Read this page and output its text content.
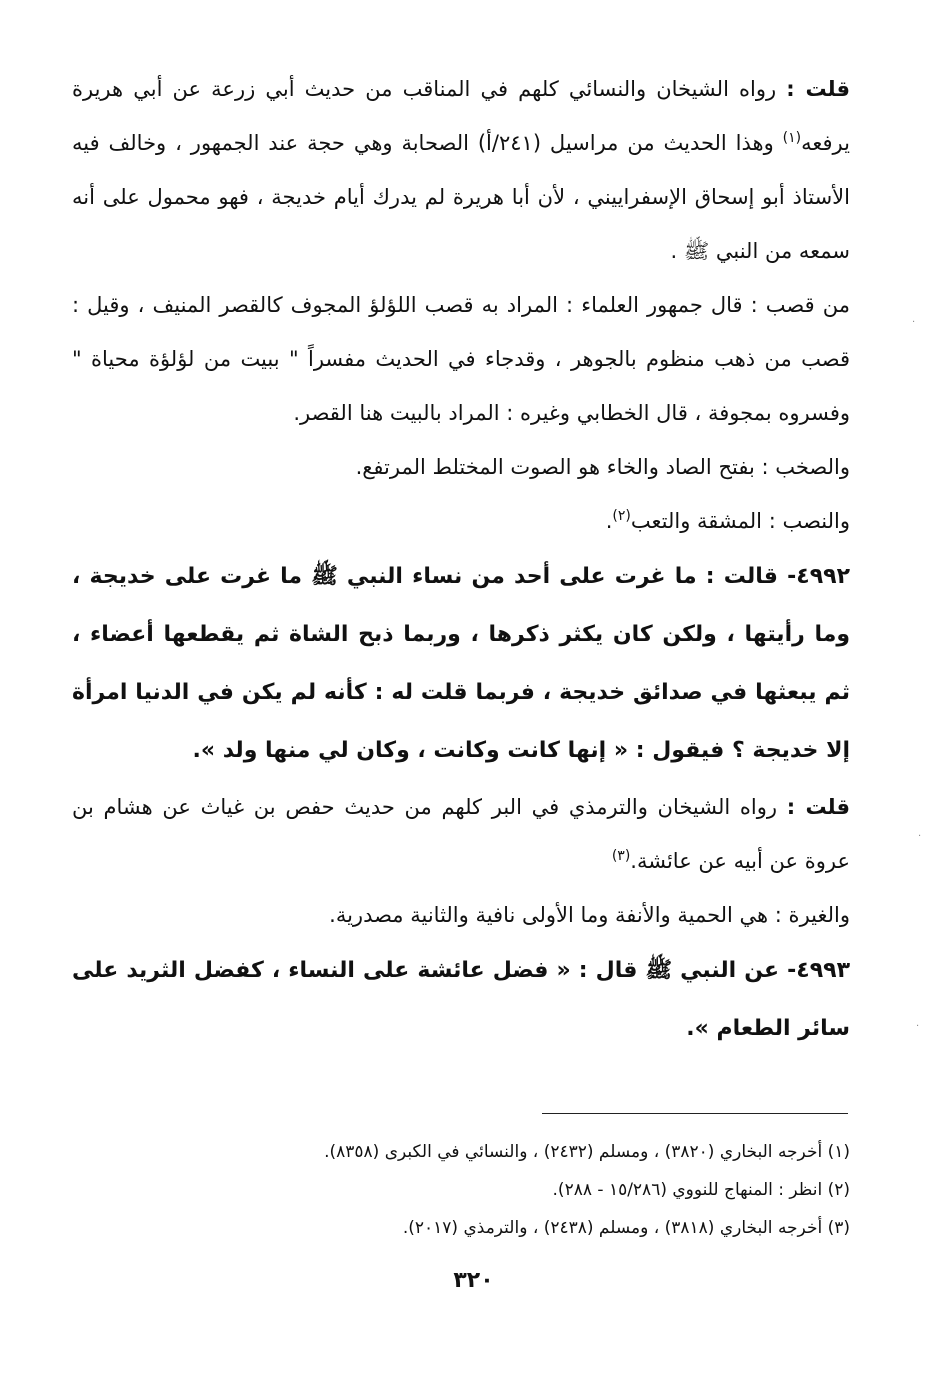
قلت : رواه الشيخان والنسائي كلهم في المناقب من حديث أبي زرعة عن أبي هريرة يرفعه$^{(١)}$ وهذا الحديث من مراسيل (٢٤١/أ) الصحابة وهي حجة عند الجمهور ، وخالف فيه الأستاذ أبو إسحاق الإسفراييني ، لأن أبا هريرة لم يدرك أيام خديجة ، فهو محمول على أنه سمعه من النبي ﷺ .

من قصب : قال جمهور العلماء : المراد به قصب اللؤلؤ المجوف كالقصر المنيف ، وقيل : قصب من ذهب منظوم بالجوهر ، وقدجاء في الحديث مفسراً " ببيت من لؤلؤة محياة " وفسروه بمجوفة ، قال الخطابي وغيره : المراد بالبيت هنا القصر.

والصخب : بفتح الصاد والخاء هو الصوت المختلط المرتفع.

والنصب : المشقة والتعب$^{(٢)}$.

٤٩٩٢- قالت : ما غرت على أحد من نساء النبي ﷺ ما غرت على خديجة ، وما رأيتها ، ولكن كان يكثر ذكرها ، وربما ذبح الشاة ثم يقطعها أعضاء ، ثم يبعثها في صدائق خديجة ، فربما قلت له : كأنه لم يكن في الدنيا امرأة إلا خديجة ؟ فيقول : « إنها كانت وكانت ، وكان لي منها ولد ».

قلت : رواه الشيخان والترمذي في البر كلهم من حديث حفص بن غياث عن هشام بن عروة عن أبيه عن عائشة.$^{(٣)}$

والغيرة : هي الحمية والأنفة وما الأولى نافية والثانية مصدرية.

٤٩٩٣- عن النبي ﷺ قال : « فضل عائشة على النساء ، كفضل الثريد على سائر الطعام ».

(١) أخرجه البخاري (٣٨٢٠) ، ومسلم (٢٤٣٢) ، والنسائي في الكبرى (٨٣٥٨).

(٢) انظر : المنهاج للنووي (١٥/٢٨٦ - ٢٨٨).

(٣) أخرجه البخاري (٣٨١٨) ، ومسلم (٢٤٣٨) ، والترمذي (٢٠١٧).

٣٢٠
·
·
·
